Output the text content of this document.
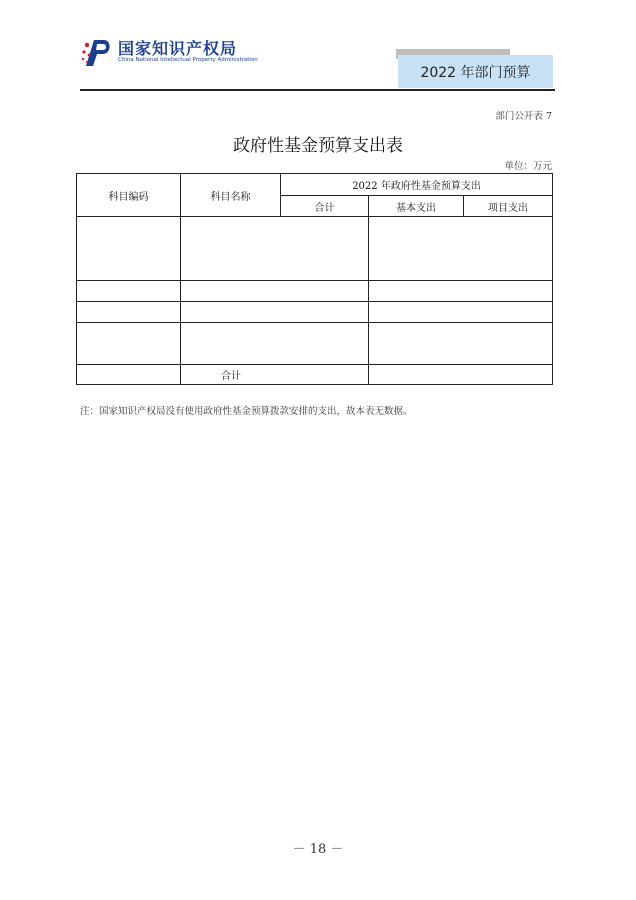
国家知识产权局
China National Intellectual Property Administration
2022 年部门预算
部门公开表 7
政府性基金预算支出表
单位：万元
科目编码	科目名称	2022 年政府性基金预算支出		
		合计	基本支出	项目支出

	合计			
注：国家知识产权局没有使用政府性基金预算拨款安排的支出，故本表无数据。
－ 18 －
